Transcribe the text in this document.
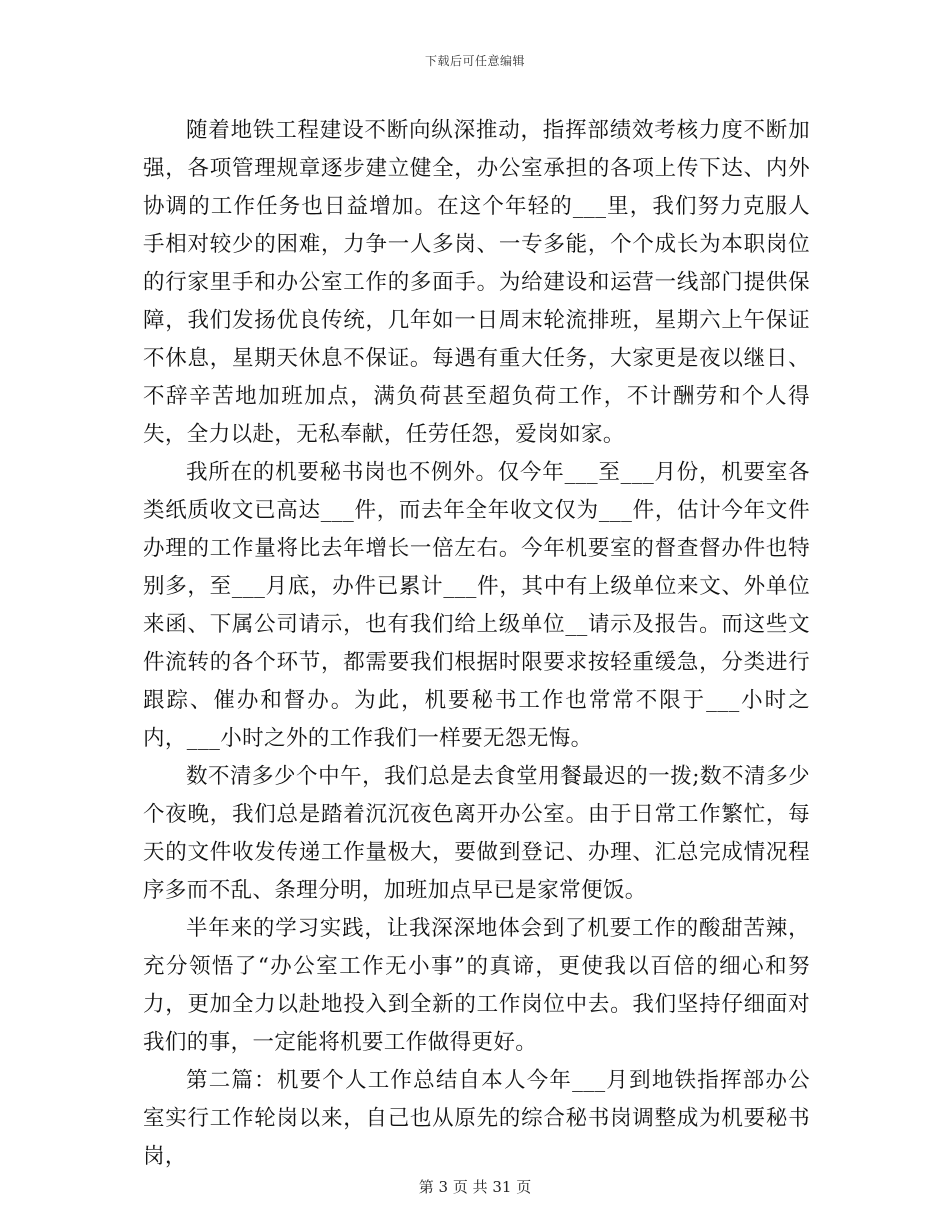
下载后可任意编辑

随着地铁工程建设不断向纵深推动，指挥部绩效考核力度不断加强，各项管理规章逐步建立健全，办公室承担的各项上传下达、内外协调的工作任务也日益增加。在这个年轻的___里，我们努力克服人手相对较少的困难，力争一人多岗、一专多能，个个成长为本职岗位的行家里手和办公室工作的多面手。为给建设和运营一线部门提供保障，我们发扬优良传统，几年如一日周末轮流排班，星期六上午保证不休息，星期天休息不保证。每遇有重大任务，大家更是夜以继日、不辞辛苦地加班加点，满负荷甚至超负荷工作，不计酬劳和个人得失，全力以赴，无私奉献，任劳任怨，爱岗如家。

我所在的机要秘书岗也不例外。仅今年___至___月份，机要室各类纸质收文已高达___件，而去年全年收文仅为___件，估计今年文件办理的工作量将比去年增长一倍左右。今年机要室的督查督办件也特别多，至___月底，办件已累计___件，其中有上级单位来文、外单位来函、下属公司请示，也有我们给上级单位__请示及报告。而这些文件流转的各个环节，都需要我们根据时限要求按轻重缓急，分类进行跟踪、催办和督办。为此，机要秘书工作也常常不限于___小时之内，___小时之外的工作我们一样要无怨无悔。

数不清多少个中午，我们总是去食堂用餐最迟的一拨;数不清多少个夜晚，我们总是踏着沉沉夜色离开办公室。由于日常工作繁忙，每天的文件收发传递工作量极大，要做到登记、办理、汇总完成情况程序多而不乱、条理分明，加班加点早已是家常便饭。

半年来的学习实践，让我深深地体会到了机要工作的酸甜苦辣，充分领悟了“办公室工作无小事”的真谛，更使我以百倍的细心和努力，更加全力以赴地投入到全新的工作岗位中去。我们坚持仔细面对我们的事，一定能将机要工作做得更好。

第二篇：机要个人工作总结自本人今年___月到地铁指挥部办公室实行工作轮岗以来，自己也从原先的综合秘书岗调整成为机要秘书岗，

第 3 页 共 31 页
